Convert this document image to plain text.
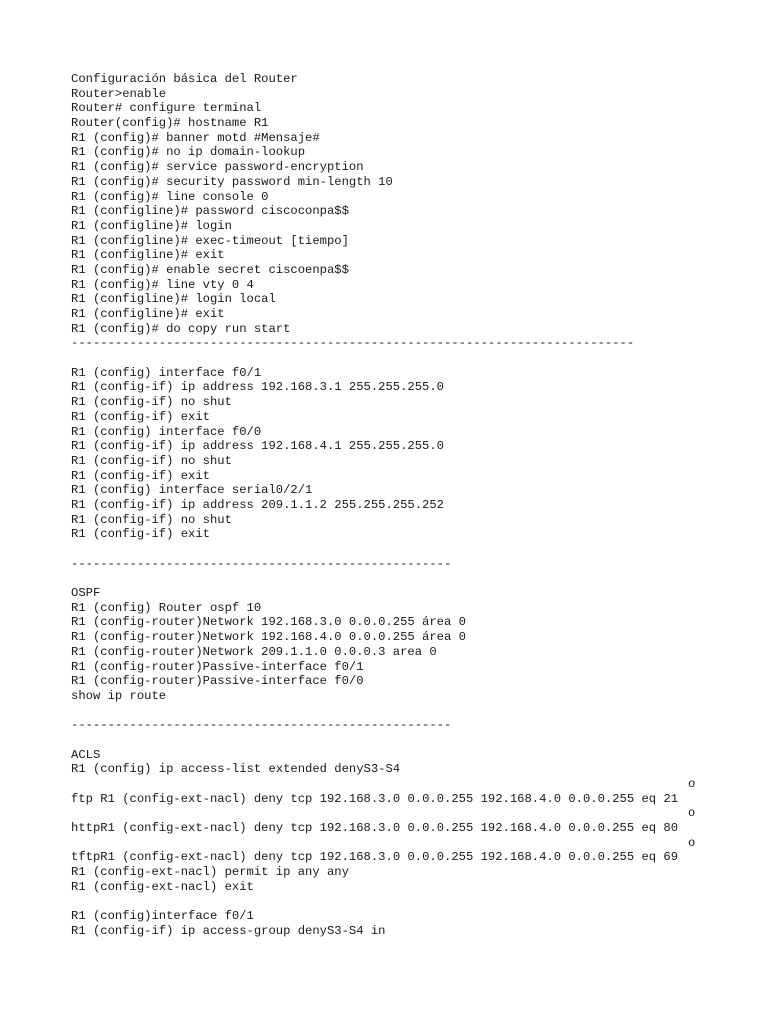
Configuración básica del Router
Router>enable
Router# configure terminal
Router(config)# hostname R1
R1 (config)# banner motd #Mensaje#
R1 (config)# no ip domain-lookup
R1 (config)# service password-encryption
R1 (config)# security password min-length 10
R1 (config)# line console 0
R1 (configline)# password ciscoconpa$$
R1 (configline)# login
R1 (configline)# exec-timeout [tiempo]
R1 (configline)# exit
R1 (config)# enable secret ciscoenpa$$
R1 (config)# line vty 0 4
R1 (configline)# login local
R1 (configline)# exit
R1 (config)# do copy run start
-----------------------------------------------------------------------------
R1 (config) interface f0/1
R1 (config-if) ip address 192.168.3.1 255.255.255.0
R1 (config-if) no shut
R1 (config-if) exit
R1 (config) interface f0/0
R1 (config-if) ip address 192.168.4.1 255.255.255.0
R1 (config-if) no shut
R1 (config-if) exit
R1 (config) interface serial0/2/1
R1 (config-if) ip address 209.1.1.2 255.255.255.252
R1 (config-if) no shut
R1 (config-if) exit
----------------------------------------------------
OSPF
R1 (config) Router ospf 10
R1 (config-router)Network 192.168.3.0 0.0.0.255 área 0
R1 (config-router)Network 192.168.4.0 0.0.0.255 área 0
R1 (config-router)Network 209.1.1.0 0.0.0.3 area 0
R1 (config-router)Passive-interface f0/1
R1 (config-router)Passive-interface f0/0
show ip route
----------------------------------------------------
ACLS
R1 (config) ip access-list extended denyS3-S4

R1 (config-ext-nacl) deny tcp 192.168.3.0 0.0.0.255 192.168.4.0 0.0.0.255 eq 21
o

ftp

R1 (config-ext-nacl) deny tcp 192.168.3.0 0.0.0.255 192.168.4.0 0.0.0.255 eq 80
o

http

R1 (config-ext-nacl) deny tcp 192.168.3.0 0.0.0.255 192.168.4.0 0.0.0.255 eq 69
o

tftp
R1 (config-ext-nacl) permit ip any any
R1 (config-ext-nacl) exit
R1 (config)interface f0/1
R1 (config-if) ip access-group denyS3-S4 in
